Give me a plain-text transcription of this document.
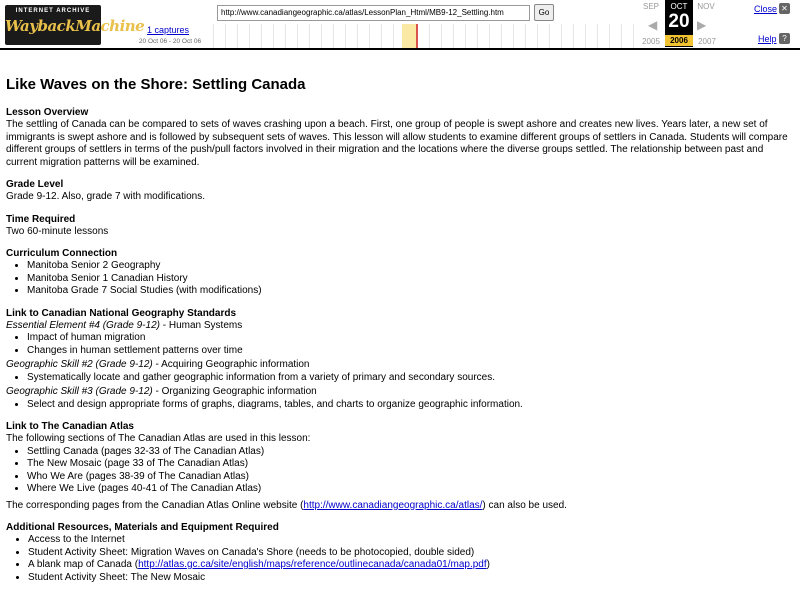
INTERNET ARCHIVE
WaybackMachine 1 captures
20 Oct 06 - 20 Oct 06
http://www.canadiangeographic.ca/atlas/LessonPlan_Html/MB9-12_Settling.htm	Go
SEP
◀
OCT
20
2006
▶
NOV
2005	2007
Close ✕
Help ?
Like Waves on the Shore: Settling Canada
Lesson Overview

The settling of Canada can be compared to sets of waves crashing upon a beach. First, one group of people is swept ashore and creates new lives. Years later, a new set of immigrants is swept ashore and is followed by subsequent sets of waves. This lesson will allow students to examine different groups of settlers in Canada. Students will compare different groups of settlers in terms of the push/pull factors involved in their migration and the locations where the diverse groups settled. The relationship between past and current migration patterns will be examined.

Grade Level

Grade 9-12. Also, grade 7 with modifications.

Time Required

Two 60-minute lessons

Curriculum Connection
• Manitoba Senior 2 Geography
• Manitoba Senior 1 Canadian History
• Manitoba Grade 7 Social Studies (with modifications)
Link to Canadian National Geography Standards

Essential Element #4 (Grade 9-12) - Human Systems

• Impact of human migration
• Changes in human settlement patterns over time

Geographic Skill #2 (Grade 9-12) - Acquiring Geographic information

• Systematically locate and gather geographic information from a variety of primary and secondary sources.

Geographic Skill #3 (Grade 9-12) - Organizing Geographic information

• Select and design appropriate forms of graphs, diagrams, tables, and charts to organize geographic information.
Link to The Canadian Atlas

The following sections of The Canadian Atlas are used in this lesson:

• Settling Canada (pages 32-33 of The Canadian Atlas)
• The New Mosaic (page 33 of The Canadian Atlas)
• Who We Are (pages 38-39 of The Canadian Atlas)
• Where We Live (pages 40-41 of The Canadian Atlas)

The corresponding pages from the Canadian Atlas Online website (http://www.canadiangeographic.ca/atlas/) can also be used.

Additional Resources, Materials and Equipment Required
• Access to the Internet
• Student Activity Sheet: Migration Waves on Canada's Shore (needs to be photocopied, double sided)
• A blank map of Canada (http://atlas.gc.ca/site/english/maps/reference/outlinecanada/canada01/map.pdf)
• Student Activity Sheet: The New Mosaic
